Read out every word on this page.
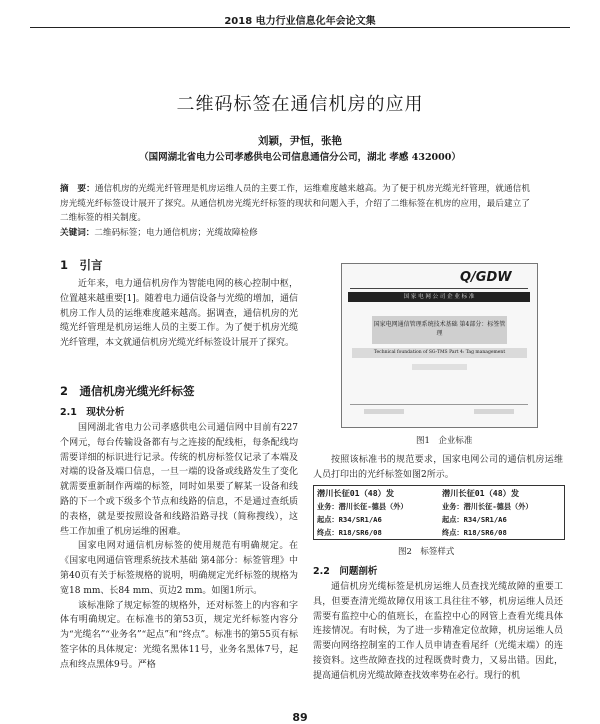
2018 电力行业信息化年会论文集
二维码标签在通信机房的应用
刘颖，尹恒，张艳
（国网湖北省电力公司孝感供电公司信息通信分公司，湖北 孝感 432000）
摘　要：通信机房的光缆光纤管理是机房运维人员的主要工作，运维难度越来越高。为了便于机房光缆光纤管理，就通信机房光缆光纤标签设计展开了探究。从通信机房光缆光纤标签的现状和问题入手，介绍了二维标签在机房的应用，最后建立了二维标签的相关制度。
关键词：二维码标签；电力通信机房；光缆故障检修
1　引言

近年来，电力通信机房作为智能电网的核心控制中枢，位置越来越重要[1]。随着电力通信设备与光缆的增加，通信机房工作人员的运维难度越来越高。据调查，通信机房的光缆光纤管理是机房运维人员的主要工作。为了便于机房光缆光纤管理，本文就通信机房光缆光纤标签设计展开了探究。

2　通信机房光缆光纤标签
2.1　现状分析

国网湖北省电力公司孝感供电公司通信网中目前有227个网元，每台传输设备都有与之连接的配线柜，每条配线均需要详细的标识进行记录。传统的机房标签仅记录了本端及对端的设备及端口信息，一旦一端的设备或线路发生了变化就需要重新制作两端的标签，同时如果要了解某一设备和线路的下一个或下级多个节点和线路的信息，不是通过查纸质的表格，就是要按照设备和线路沿路寻找（简称搜线），这些工作加重了机房运维的困难。

国家电网对通信机房标签的使用规范有明确规定。在《国家电网通信管理系统技术基础 第4部分：标签管理》中第40页有关于标签规格的说明，明确规定光纤标签的规格为宽18 mm、长84 mm、页边2 mm。如图1所示。

该标准除了规定标签的规格外，还对标签上的内容和字体有明确规定。在标准书的第53页，规定光纤标签内容分为“光缆名”“业务名”“起点”和“终点”。标准书的第55页有标签字体的具体规定：光缆名黑体11号，业务名黑体7号，起点和终点黑体9号。严格

Q/GDW
国 家 电 网 公 司 企 业 标 准
国家电网通信管理系统技术基础 第4部分：标签管理
Technical foundation of SG-TMS Part 4: Tag management
图1　企业标准

按照该标准书的规范要求，国家电网公司的通信机房运维人员打印出的光纤标签如图2所示。

潜川长征01（48）发	潜川长征01（48）发
业务：潜川长征-德县（外）	业务：潜川长征-德县（外）
起点：R34/SR1/A6	起点：R34/SR1/A6
终点：R18/SR6/08	终点：R18/SR6/08
图2　标签样式
2.2　问题剖析

通信机房光缆标签是机房运维人员查找光缆故障的重要工具，但要查清光缆故障仅用该工具往往不够，机房运维人员还需要有监控中心的值班长，在监控中心的网管上查看光缆具体连接情况。有时候，为了进一步精准定位故障，机房运维人员需要向网络控制室的工作人员申请查看尾纤（光缆末端）的连接资料。这些故障查找的过程既费时费力，又易出错。因此，提高通信机房光缆故障查找效率势在必行。现行的机

89
